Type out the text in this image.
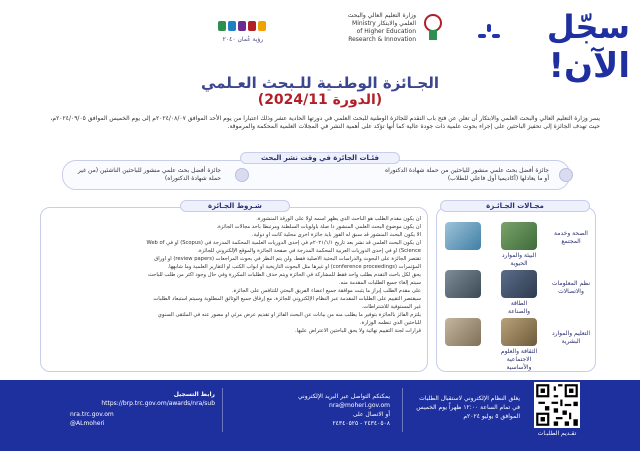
سجّل
الآن!
وزارة التعليم العالي والبحث العلمي والابتكار Ministry of Higher Education Research & Innovation
رؤية عُمان ٢٠٤٠
الجـائزة الوطنـية للـبحث العـلمي
(الدورة 2024/11)
يسر وزارة التعليم العالي والبحث العلمي والابتكار أن تعلن عن فتح باب التقدم للجائزة الوطنية للبحث العلمي في دورتها الحادية عشر وذلك اعتبارا من يوم الأحد الموافق ٢٠٢٤/٠٨/٠٧م إلى يوم الخميس الموافق ٢٠٢٤/٠٩/٠٥م، حيث تهدف الجائزة إلى تحفيز الباحثين على إجراء بحوث علمية ذات جودة عالية كما أنها تؤكد على أهمية النشر في المجلات العلمية المحكمة والمرموقة.
جائزة أفضل بحث علمي منشور للباحثين من حملة شهادة الدكتوراه أو ما يعادلها (أكاديميا أول فاعلي للطلاب)
جائزة أفضل بحث علمي منشور للباحثين الناشئين (من غير حملة شهادة الدكتوراه)
فئـات الجائزة في وقت نشر البحث
البيئة والموارد الحيوية
الصحة وخدمة المجتمع
الطاقة والصناعة
نظم المعلومات والاتصالات
الثقافة والعلوم الاجتماعية والأساسية
التعليم والموارد البشرية
مجـالات الجـائـزة
أن يكون مقدم الطلب هو الباحث الذي يظهر اسمه أولاً على الورقة المنشورة.
أن يكون موضوع البحث العلمي المنشور ذا صلة بأولويات السلطنة ومرتبطاً بأحد مجالات الجائزة.
ألا يكون البحث المنشور قد سبق له الفوز بأية جائزة أخرى محلية كانت أو دولية.
أن يكون البحث العلمي قد نشر بعد تاريخ ٢٠٢١/١/١م في إحدى الدوريات العلمية المحكمة المدرجة في (Scopus) أو في Web of
Science) أو في إحدى الدوريات العربية المحكمة المدرجة في صفحة الجائزة والموقع الإلكتروني للجائزة.
تقتصر الجائزة على البحوث والدراسات البحثية الأصلية فقط، ولن يتم النظر في بحوث المراجعات (review papers) أو أوراق
المؤتمرات (conference proceedings) أو غيرها مثل البحوث التاريخية أو أبواب الكتب أو التقارير العلمية وما شابهها.
يحق لكل باحث التقدم بطلب واحد فقط للمشاركة في الجائزة ويتم حذف الطلبات المكررة وفي حال وجود أكثر من طلب للباحث
سيتم إلغاء جميع الطلبات المقدمة منه.
على مقدم الطلب إبراز ما يثبت موافقة جميع أعضاء الفريق البحثي للتنافس على الجائزة.
سيقتصر التقييم على الطلبات المقدمة عبر النظام الإلكتروني للجائزة، مع إرفاق جميع الوثائق المطلوبة وسيتم استبعاد الطلبات
غير المستوفية للاشتراطات.
يلتزم الفائز بالجائزة بتوفير ما يطلب منه من بيانات عن البحث الفائز أو تقديم عرض مرئي أو مصور عنه في الملتقى السنوي
للباحثين الذي تنظمه الوزارة.
قرارات لجنة التقييم نهائية ولا يحق للباحثين الاعتراض عليها.
شـروط الجـائزة
تقـديم الطلبـات
يغلق النظام الإلكتروني لاستقبال الطلبات
في تمام الساعة ١٢:٠٠ ظهراً يوم الخميس
الموافق ٥ يوليو ٢٠٢٤م
يمكنكم التواصل عبر البريد الإلكتروني
nra@moheri.gov.om
أو الاتصال على
٢٤٣٤٠٥٠٨ - ٢٤٣٤٠٥٢٥
رابط التسجيل
https://brp.trc.gov.om/awards/nra/sub
nra.trc.gov.om
@ALmoheri
